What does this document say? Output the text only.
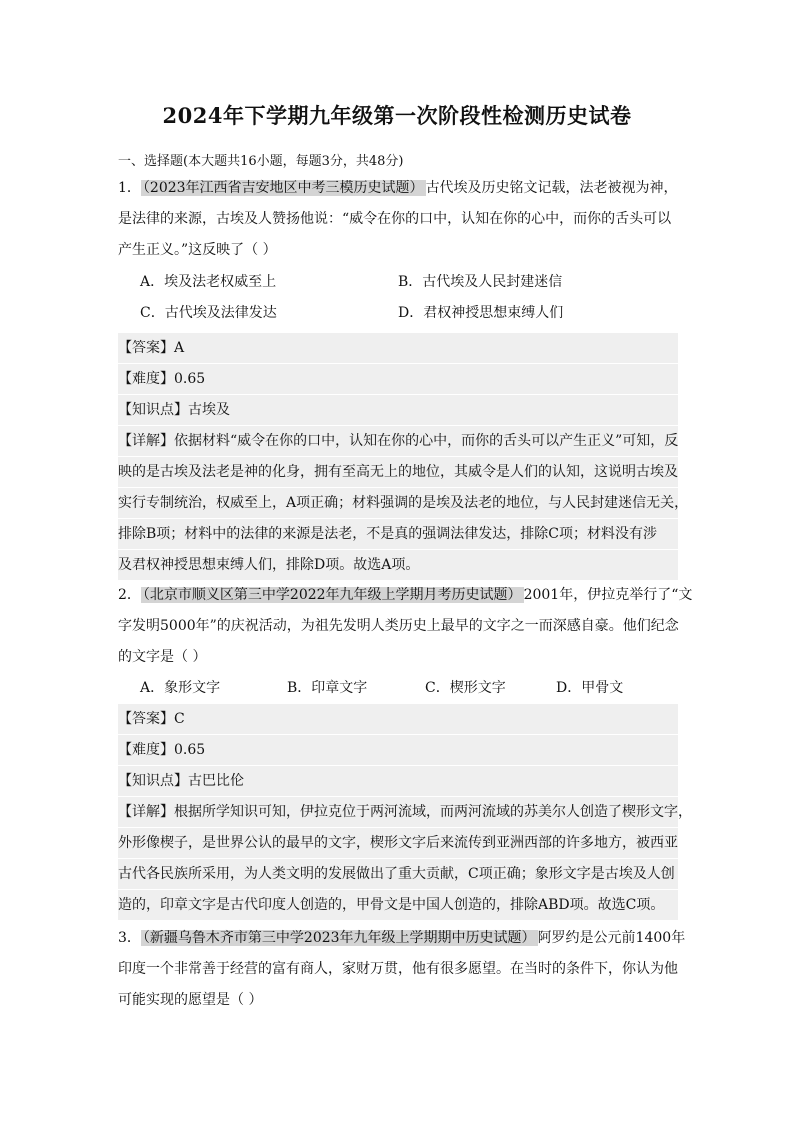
2024年下学期九年级第一次阶段性检测历史试卷
一、选择题(本大题共16小题，每题3分，共48分)
1． （2023年江西省吉安地区中考三模历史试题） 古代埃及历史铭文记载，法老被视为神，
是法律的来源，古埃及人赞扬他说：“威令在你的口中，认知在你的心中，而你的舌头可以
产生正义。”这反映了（ ）
A．埃及法老权威至上	B．古代埃及人民封建迷信
C．古代埃及法律发达	D．君权神授思想束缚人们
【答案】A
【难度】0.65
【知识点】古埃及
【详解】依据材料“威令在你的口中，认知在你的心中，而你的舌头可以产生正义”可知，反
映的是古埃及法老是神的化身，拥有至高无上的地位，其威令是人们的认知，这说明古埃及
实行专制统治，权威至上，A项正确；材料强调的是埃及法老的地位，与人民封建迷信无关，
排除B项；材料中的法律的来源是法老，不是真的强调法律发达，排除C项；材料没有涉
及君权神授思想束缚人们，排除D项。故选A项。
2． （北京市顺义区第三中学2022年九年级上学期月考历史试题） 2001年，伊拉克举行了“文
字发明5000年”的庆祝活动，为祖先发明人类历史上最早的文字之一而深感自豪。他们纪念
的文字是（ ）
A．象形文字	B．印章文字	C．楔形文字	D．甲骨文
【答案】C
【难度】0.65
【知识点】古巴比伦
【详解】根据所学知识可知，伊拉克位于两河流域，而两河流域的苏美尔人创造了楔形文字，
外形像楔子，是世界公认的最早的文字，楔形文字后来流传到亚洲西部的许多地方，被西亚
古代各民族所采用，为人类文明的发展做出了重大贡献，C项正确；象形文字是古埃及人创
造的，印章文字是古代印度人创造的，甲骨文是中国人创造的，排除ABD项。故选C项。
3． （新疆乌鲁木齐市第三中学2023年九年级上学期期中历史试题） 阿罗约是公元前1400年
印度一个非常善于经营的富有商人，家财万贯，他有很多愿望。在当时的条件下，你认为他
可能实现的愿望是（ ）
